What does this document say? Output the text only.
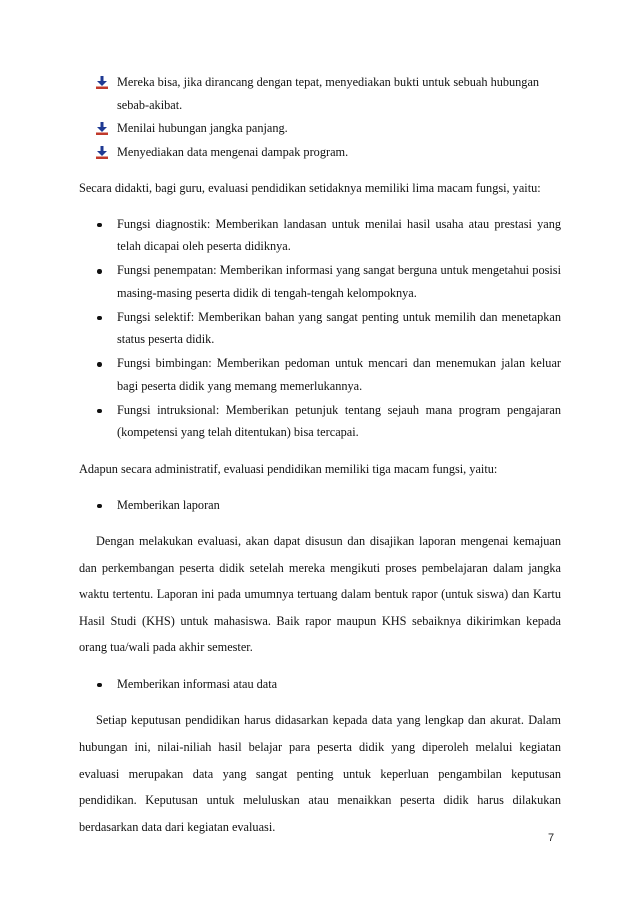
Mereka bisa, jika dirancang dengan tepat, menyediakan bukti untuk sebuah hubungan sebab-akibat.
Menilai hubungan jangka panjang.
Menyediakan data mengenai dampak program.

Secara didakti, bagi guru, evaluasi pendidikan setidaknya memiliki lima macam fungsi, yaitu:

Fungsi diagnostik: Memberikan landasan untuk menilai hasil usaha atau prestasi yang telah dicapai oleh peserta didiknya.
Fungsi penempatan: Memberikan informasi yang sangat berguna untuk mengetahui posisi masing-masing peserta didik di tengah-tengah kelompoknya.
Fungsi selektif: Memberikan bahan yang sangat penting untuk memilih dan menetapkan status peserta didik.
Fungsi bimbingan: Memberikan pedoman untuk mencari dan menemukan jalan keluar bagi peserta didik yang memang memerlukannya.
Fungsi intruksional: Memberikan petunjuk tentang sejauh mana program pengajaran (kompetensi yang telah ditentukan) bisa tercapai.

Adapun secara administratif, evaluasi pendidikan memiliki tiga macam fungsi, yaitu:

Memberikan laporan

Dengan melakukan evaluasi, akan dapat disusun dan disajikan laporan mengenai kemajuan dan perkembangan peserta didik setelah mereka mengikuti proses pembelajaran dalam jangka waktu tertentu. Laporan ini pada umumnya tertuang dalam bentuk rapor (untuk siswa) dan Kartu Hasil Studi (KHS) untuk mahasiswa. Baik rapor maupun KHS sebaiknya dikirimkan kepada orang tua/wali pada akhir semester.

Memberikan informasi atau data

Setiap keputusan pendidikan harus didasarkan kepada data yang lengkap dan akurat. Dalam hubungan ini, nilai-niliah hasil belajar para peserta didik yang diperoleh melalui kegiatan evaluasi merupakan data yang sangat penting untuk keperluan pengambilan keputusan pendidikan. Keputusan untuk meluluskan atau menaikkan peserta didik harus dilakukan berdasarkan data dari kegiatan evaluasi.

7
